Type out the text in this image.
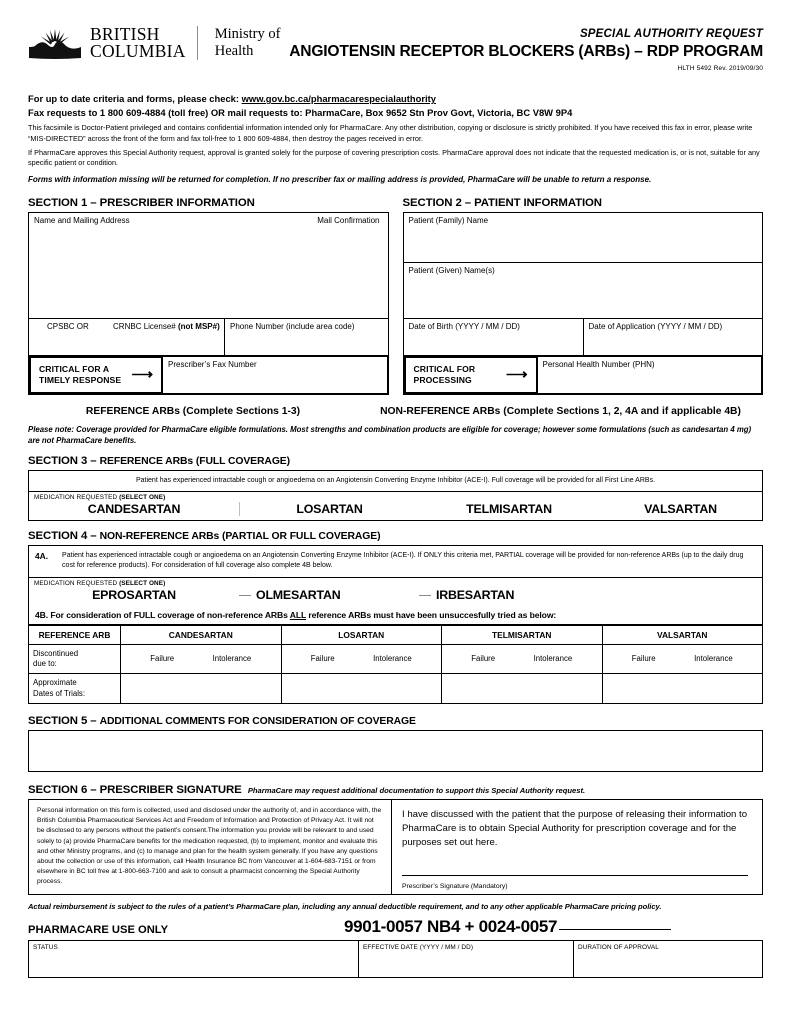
BRITISH
COLUMBIA
Ministry of
Health
SPECIAL AUTHORITY REQUEST
ANGIOTENSIN RECEPTOR BLOCKERS (ARBs) – RDP PROGRAM
HLTH 5492 Rev. 2019/09/30
For up to date criteria and forms, please check: www.gov.bc.ca/pharmacarespecialauthority
Fax requests to 1 800 609-4884 (toll free) OR mail requests to: PharmaCare, Box 9652 Stn Prov Govt, Victoria, BC V8W 9P4
This facsimile is Doctor-Patient privileged and contains confidential information intended only for PharmaCare. Any other distribution, copying or disclosure is strictly prohibited. If you have received this fax in error, please write “MIS-DIRECTED” across the front of the form and fax toll-free to 1 800 609-4884, then destroy the pages received in error.
If PharmaCare approves this Special Authority request, approval is granted solely for the purpose of covering prescription costs. PharmaCare approval does not indicate that the requested medication is, or is not, suitable for any specific patient or condition.
Forms with information missing will be returned for completion. If no prescriber fax or mailing address is provided, PharmaCare will be unable to return a response.
SECTION 1 – PRESCRIBER INFORMATION
Name and Mailing Address	Mail Confirmation
CPSBC OR	CRNBC License# (not MSP#)	Phone Number (include area code)
CRITICAL FOR A
TIMELY RESPONSE ⟶
Prescriber’s Fax Number
SECTION 2 – PATIENT INFORMATION
Patient (Family) Name
Patient (Given) Name(s)
Date of Birth (YYYY / MM / DD)	Date of Application (YYYY / MM / DD)
CRITICAL FOR
PROCESSING ⟶
Personal Health Number (PHN)
REFERENCE ARBs (Complete Sections 1-3)	NON-REFERENCE ARBs (Complete Sections 1, 2, 4A and if applicable 4B)
Please note: Coverage provided for PharmaCare eligible formulations. Most strengths and combination products are eligible for coverage; however some formulations (such as candesartan 4 mg) are not PharmaCare benefits.
SECTION 3 – REFERENCE ARBs (FULL COVERAGE)
Patient has experienced intractable cough or angioedema on an Angiotensin Converting Enzyme Inhibitor (ACE-I). Full coverage will be provided for all First Line ARBs.
MEDICATION REQUESTED (SELECT ONE)
CANDESARTAN	LOSARTAN	TELMISARTAN	VALSARTAN
SECTION 4 – NON-REFERENCE ARBs (PARTIAL OR FULL COVERAGE)
4A. Patient has experienced intractable cough or angioedema on an Angiotensin Converting Enzyme Inhibitor (ACE-I). If ONLY this criteria met, PARTIAL coverage will be provided for non-reference ARBs (up to the daily drug cost for reference products). For consideration of full coverage also complete 4B below.
MEDICATION REQUESTED (SELECT ONE)
EPROSARTAN	OLMESARTAN	IRBESARTAN
4B. For consideration of FULL coverage of non-reference ARBs ALL reference ARBs must have been unsuccesfully tried as below:
REFERENCE ARB	CANDESARTAN	LOSARTAN	TELMISARTAN	VALSARTAN

Discontinued
due to:	Failure	Intolerance	Failure	Intolerance	Failure	Intolerance	Failure	Intolerance

Approximate
Dates of Trials:				

SECTION 5 – ADDITIONAL COMMENTS FOR CONSIDERATION OF COVERAGE
SECTION 6 – PRESCRIBER SIGNATURE PharmaCare may request additional documentation to support this Special Authority request.
Personal information on this form is collected, used and disclosed under the authority of, and in accordance with, the British Columbia Pharmaceutical Services Act and Freedom of Information and Protection of Privacy Act. It will not be disclosed to any persons without the patient's consent.The information you provide will be relevant to and used solely to (a) provide PharmaCare benefits for the medication requested, (b) to implement, monitor and evaluate this and other Ministry programs, and (c) to manage and plan for the health system generally. If you have any questions about the collection or use of this information, call Health Insurance BC from Vancouver at 1-604-683-7151 or from elsewhere in BC toll free at 1-800-663-7100 and ask to consult a pharmacist concerning the Special Authority process.
I have discussed with the patient that the purpose of releasing their information to PharmaCare is to obtain Special Authority for prescription coverage and for the purposes set out here.
Prescriber’s Signature (Mandatory)
Actual reimbursement is subject to the rules of a patient’s PharmaCare plan, including any annual deductible requirement, and to any other applicable PharmaCare pricing policy.
PHARMACARE USE ONLY	9901-0057 NB4 + 0024-0057
STATUS	EFFECTIVE DATE (YYYY / MM / DD)	DURATION OF APPROVAL
